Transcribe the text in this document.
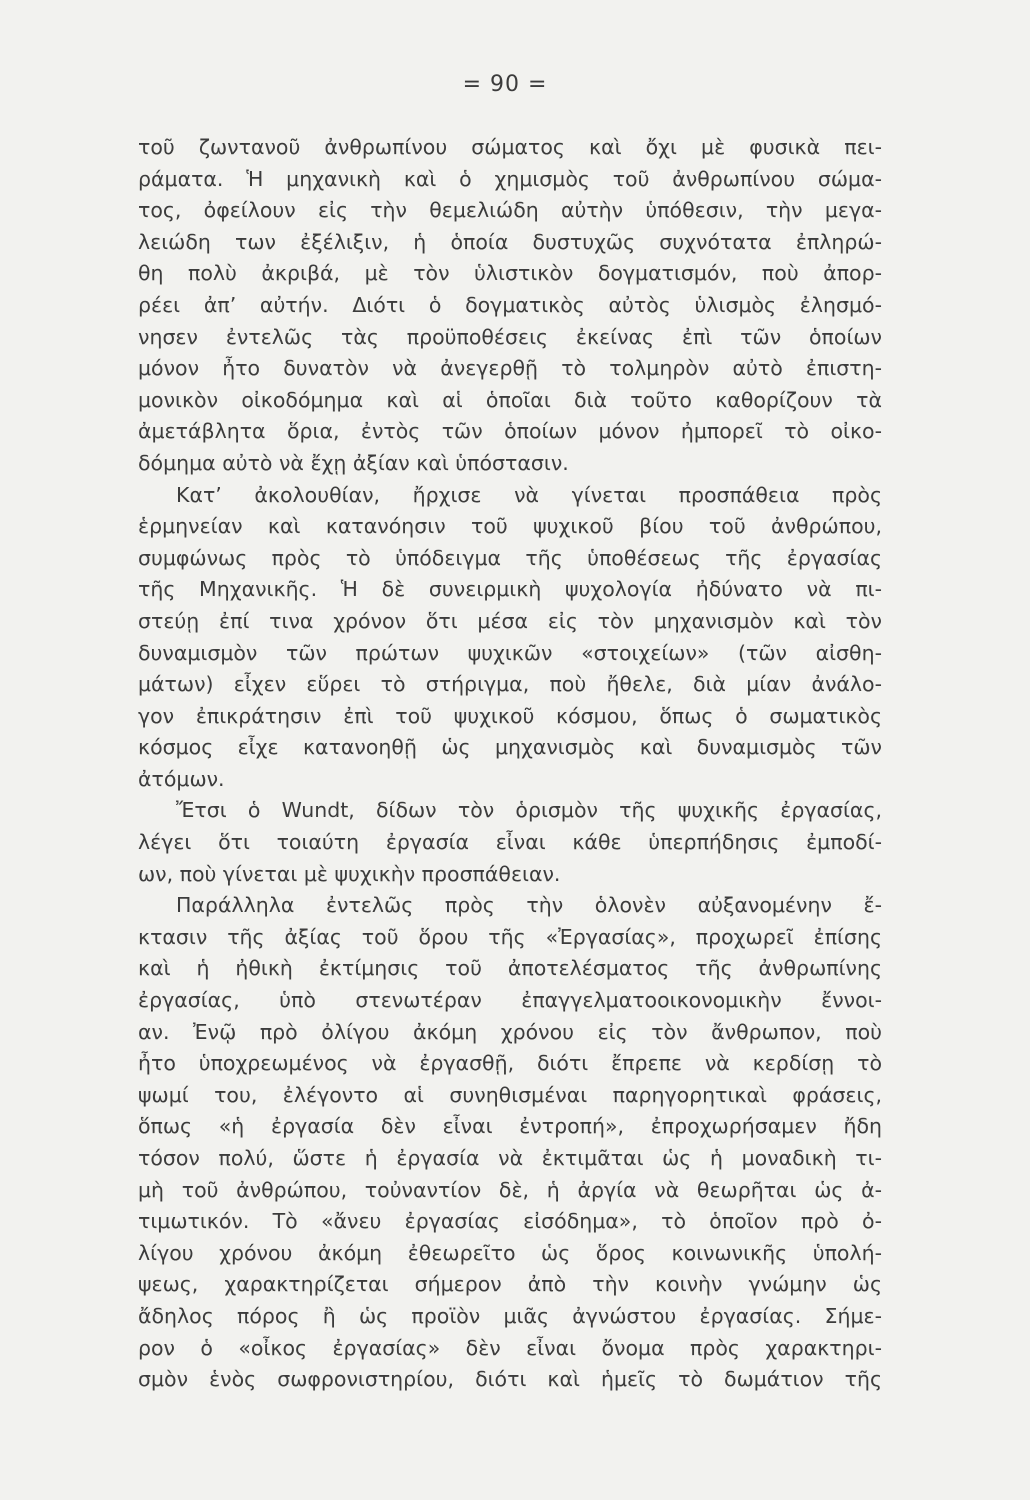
= 90 =
τοῦ ζωντανοῦ ἀνθρωπίνου σώματος καὶ ὄχι μὲ φυσικὰ πει-
ράματα. Ἡ μηχανικὴ καὶ ὁ χημισμὸς τοῦ ἀνθρωπίνου σώμα-
τος, ὀφείλουν εἰς τὴν θεμελιώδη αὐτὴν ὑπόθεσιν, τὴν μεγα-
λειώδη των ἐξέλιξιν, ἡ ὁποία δυστυχῶς συχνότατα ἐπληρώ-
θη πολὺ ἀκριβά, μὲ τὸν ὑλιστικὸν δογματισμόν, ποὺ ἀπορ-
ρέει ἀπ’ αὐτήν. Διότι ὁ δογματικὸς αὐτὸς ὑλισμὸς ἐλησμό-
νησεν ἐντελῶς τὰς προϋποθέσεις ἐκείνας ἐπὶ τῶν ὁποίων
μόνον ἦτο δυνατὸν νὰ ἀνεγερθῇ τὸ τολμηρὸν αὐτὸ ἐπιστη-
μονικὸν οἰκοδόμημα καὶ αἱ ὁποῖαι διὰ τοῦτο καθορίζουν τὰ
ἀμετάβλητα ὅρια, ἐντὸς τῶν ὁποίων μόνον ἠμπορεῖ τὸ οἰκο-
δόμημα αὐτὸ νὰ ἔχῃ ἀξίαν καὶ ὑπόστασιν.
Κατ’ ἀκολουθίαν, ἤρχισε νὰ γίνεται προσπάθεια πρὸς
ἑρμηνείαν καὶ κατανόησιν τοῦ ψυχικοῦ βίου τοῦ ἀνθρώπου,
συμφώνως πρὸς τὸ ὑπόδειγμα τῆς ὑποθέσεως τῆς ἐργασίας
τῆς Μηχανικῆς. Ἡ δὲ συνειρμικὴ ψυχολογία ἠδύνατο νὰ πι-
στεύῃ ἐπί τινα χρόνον ὅτι μέσα εἰς τὸν μηχανισμὸν καὶ τὸν
δυναμισμὸν τῶν πρώτων ψυχικῶν «στοιχείων» (τῶν αἰσθη-
μάτων) εἶχεν εὕρει τὸ στήριγμα, ποὺ ἤθελε, διὰ μίαν ἀνάλο-
γον ἐπικράτησιν ἐπὶ τοῦ ψυχικοῦ κόσμου, ὅπως ὁ σωματικὸς
κόσμος εἶχε κατανοηθῇ ὡς μηχανισμὸς καὶ δυναμισμὸς τῶν
ἀτόμων.
Ἔτσι ὁ Wundt, δίδων τὸν ὁρισμὸν τῆς ψυχικῆς ἐργασίας,
λέγει ὅτι τοιαύτη ἐργασία εἶναι κάθε ὑπερπήδησις ἐμποδί-
ων, ποὺ γίνεται μὲ ψυχικὴν προσπάθειαν.
Παράλληλα ἐντελῶς πρὸς τὴν ὁλονὲν αὐξανομένην ἔ-
κτασιν τῆς ἀξίας τοῦ ὅρου τῆς «Ἐργασίας», προχωρεῖ ἐπίσης
καὶ ἡ ἠθικὴ ἐκτίμησις τοῦ ἀποτελέσματος τῆς ἀνθρωπίνης
ἐργασίας, ὑπὸ στενωτέραν ἐπαγγελματοοικονομικὴν ἔννοι-
αν. Ἐνῷ πρὸ ὀλίγου ἀκόμη χρόνου εἰς τὸν ἄνθρωπον, ποὺ
ἦτο ὑποχρεωμένος νὰ ἐργασθῇ, διότι ἔπρεπε νὰ κερδίσῃ τὸ
ψωμί του, ἐλέγοντο αἱ συνηθισμέναι παρηγορητικαὶ φράσεις,
ὅπως «ἡ ἐργασία δὲν εἶναι ἐντροπή», ἐπροχωρήσαμεν ἤδη
τόσον πολύ, ὥστε ἡ ἐργασία νὰ ἐκτιμᾶται ὡς ἡ μοναδικὴ τι-
μὴ τοῦ ἀνθρώπου, τοὐναντίον δὲ, ἡ ἀργία νὰ θεωρῆται ὡς ἀ-
τιμωτικόν. Τὸ «ἄνευ ἐργασίας εἰσόδημα», τὸ ὁποῖον πρὸ ὀ-
λίγου χρόνου ἀκόμη ἐθεωρεῖτο ὡς ὅρος κοινωνικῆς ὑπολή-
ψεως, χαρακτηρίζεται σήμερον ἀπὸ τὴν κοινὴν γνώμην ὡς
ἄδηλος πόρος ἢ ὡς προϊὸν μιᾶς ἀγνώστου ἐργασίας. Σήμε-
ρον ὁ «οἶκος ἐργασίας» δὲν εἶναι ὄνομα πρὸς χαρακτηρι-
σμὸν ἑνὸς σωφρονιστηρίου, διότι καὶ ἡμεῖς τὸ δωμάτιον τῆς
